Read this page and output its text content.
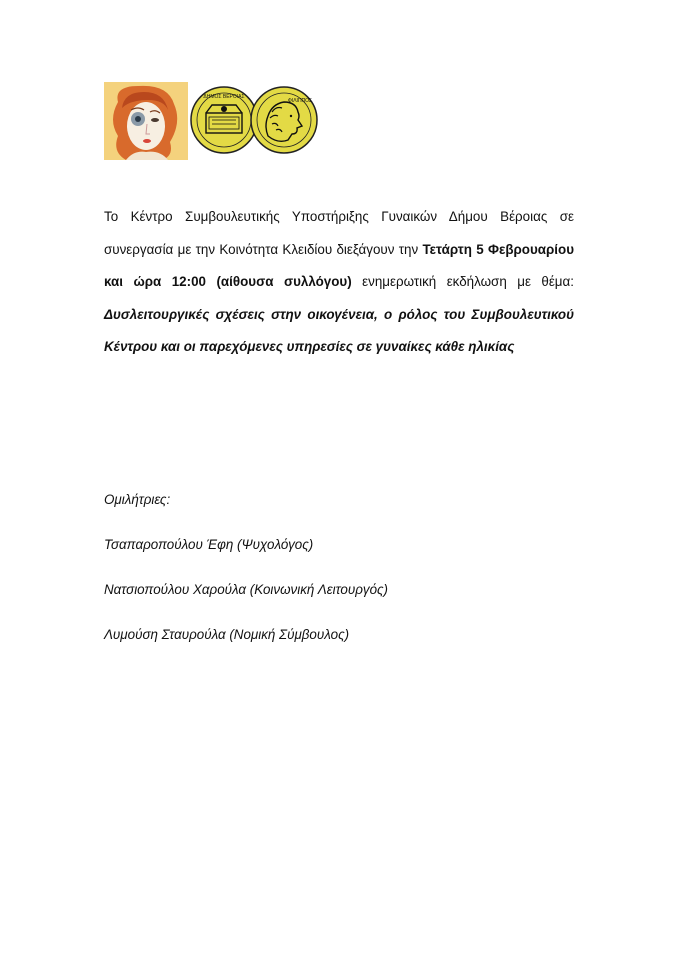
ΔΗΜΟΣ ΒΕΡΟΙΑΣ
ΦΙΛΙΠΠΟΣ
Το Κέντρο Συμβουλευτικής Υποστήριξης Γυναικών Δήμου Βέροιας σε συνεργασία με την Κοινότητα Κλειδίου διεξάγουν την Τετάρτη 5 Φεβρουαρίου και ώρα 12:00 (αίθουσα συλλόγου) ενημερωτική εκδήλωση με θέμα: Δυσλειτουργικές σχέσεις στην οικογένεια, ο ρόλος του Συμβουλευτικού Κέντρου και οι παρεχόμενες υπηρεσίες σε γυναίκες κάθε ηλικίας
Ομιλήτριες:
Τσαπαροπούλου Έφη (Ψυχολόγος)
Νατσιοπούλου Χαρούλα (Κοινωνική Λειτουργός)
Λυμούση Σταυρούλα (Νομική Σύμβουλος)
